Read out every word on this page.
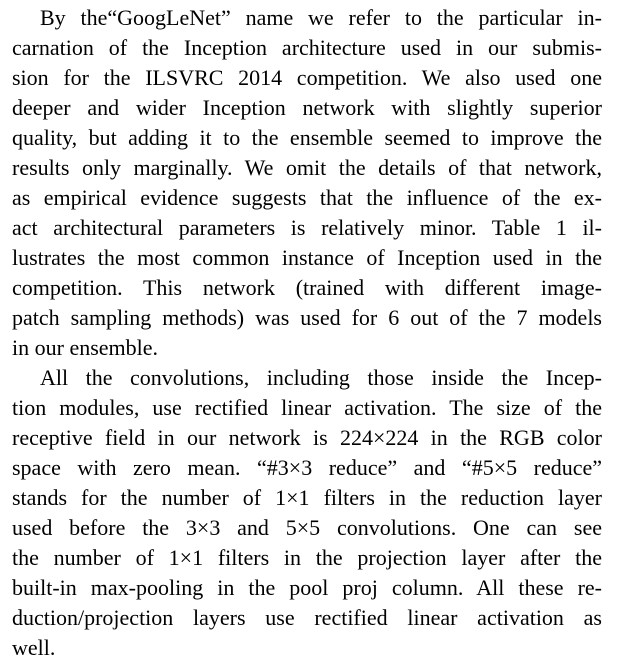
By the“GoogLeNet” name we refer to the particular in-
carnation of the Inception architecture used in our submis-
sion for the ILSVRC 2014 competition. We also used one
deeper and wider Inception network with slightly superior
quality, but adding it to the ensemble seemed to improve the
results only marginally. We omit the details of that network,
as empirical evidence suggests that the influence of the ex-
act architectural parameters is relatively minor. Table 1 il-
lustrates the most common instance of Inception used in the
competition. This network (trained with different image-
patch sampling methods) was used for 6 out of the 7 models
in our ensemble.
All the convolutions, including those inside the Incep-
tion modules, use rectified linear activation. The size of the
receptive field in our network is 224×224 in the RGB color
space with zero mean. “#3×3 reduce” and “#5×5 reduce”
stands for the number of 1×1 filters in the reduction layer
used before the 3×3 and 5×5 convolutions. One can see
the number of 1×1 filters in the projection layer after the
built-in max-pooling in the pool proj column. All these re-
duction/projection layers use rectified linear activation as
well.
